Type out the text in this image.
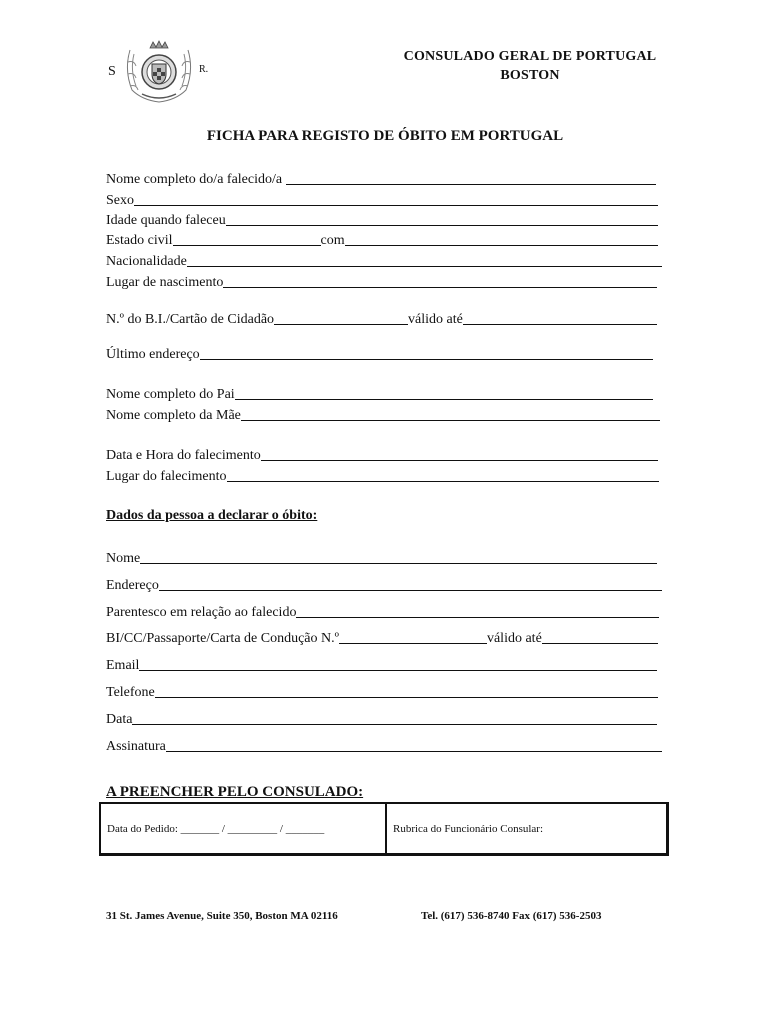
S	R.
CONSULADO GERAL DE PORTUGAL
BOSTON
FICHA PARA REGISTO DE ÓBITO EM PORTUGAL
Nome completo do/a falecido/a
Sexo
Idade quando faleceu
Estado civil	com
Nacionalidade
Lugar de nascimento
N.º do B.I./Cartão de Cidadão	válido até
Último endereço
Nome completo do Pai
Nome completo da Mãe
Data e Hora do falecimento
Lugar do falecimento
Dados da pessoa a declarar o óbito:
Nome
Endereço
Parentesco em relação ao falecido
BI/CC/Passaporte/Carta de Condução N.º	válido até
Email
Telefone
Data
Assinatura
A PREENCHER PELO CONSULADO:
Data do Pedido: _______ / _________ / _______	Rubrica do Funcionário Consular:
31 St. James Avenue, Suite 350, Boston MA 02116	Tel. (617) 536-8740 Fax (617) 536-2503
